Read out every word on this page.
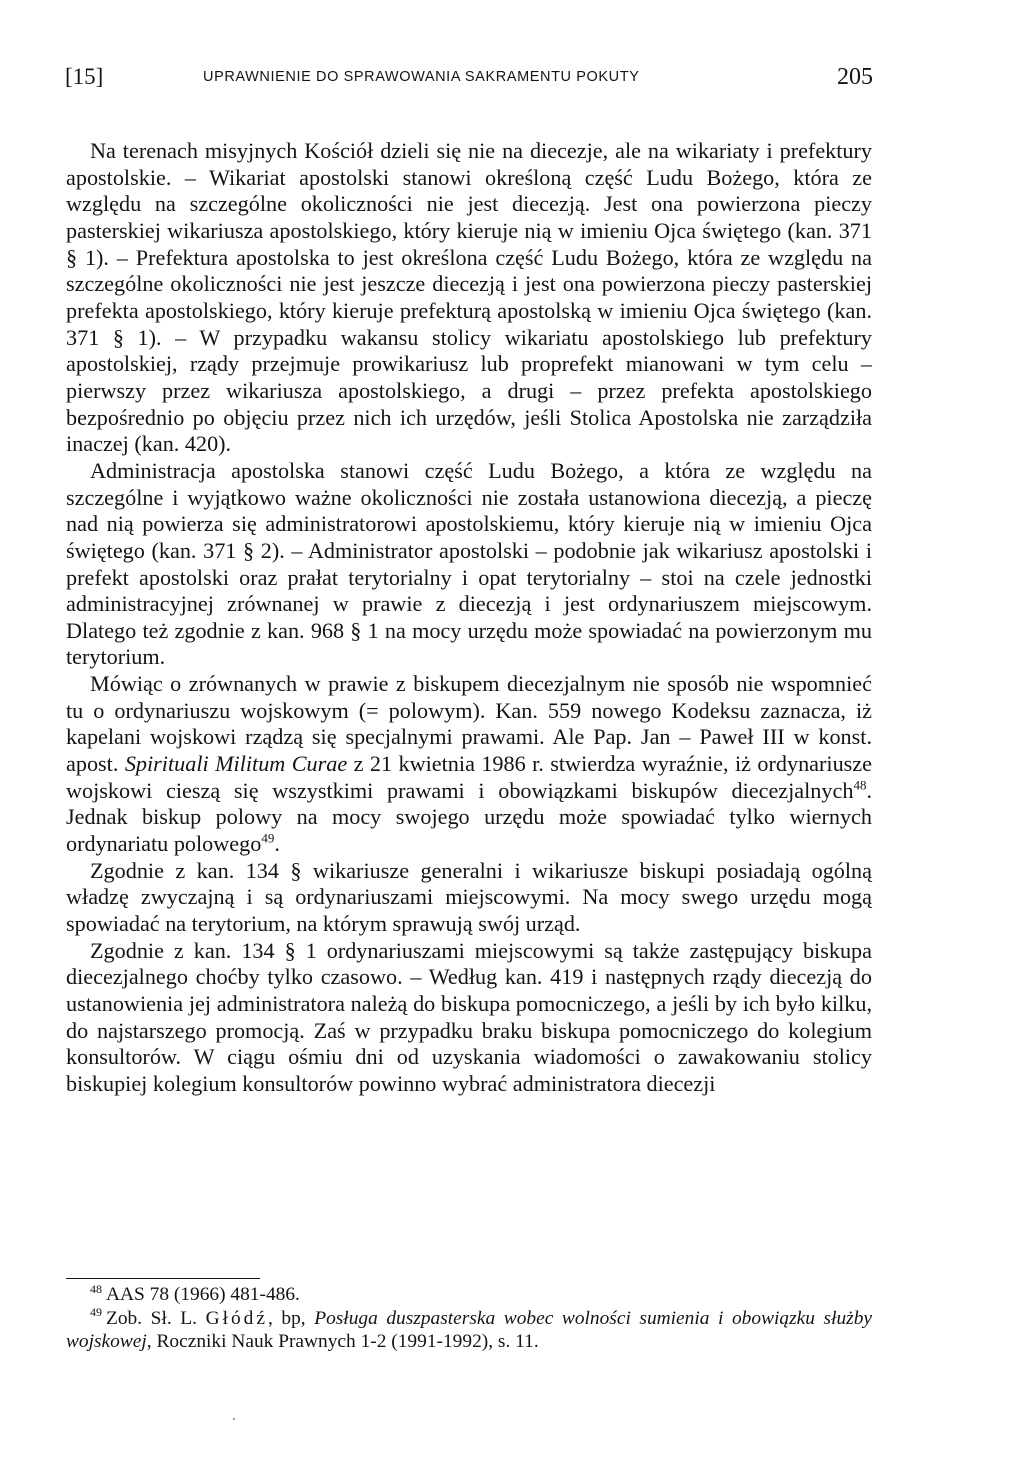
[15]	UPRAWNIENIE DO SPRAWOWANIA SAKRAMENTU POKUTY	205

Na terenach misyjnych Kościół dzieli się nie na diecezje, ale na wikariaty i prefektury apostolskie. – Wikariat apostolski stanowi określoną część Ludu Bożego, która ze względu na szczególne okoliczności nie jest diecezją. Jest ona powierzona pieczy pasterskiej wikariusza apostolskiego, który kieruje nią w imieniu Ojca świętego (kan. 371 § 1). – Prefektura apostolska to jest określona część Ludu Bożego, która ze względu na szczególne okoliczności nie jest jeszcze diecezją i jest ona powierzona pieczy pasterskiej prefekta apostolskiego, który kieruje prefekturą apostolską w imieniu Ojca świętego (kan. 371 § 1). – W przypadku wakansu stolicy wikariatu apostolskiego lub prefektury apostolskiej, rządy przejmuje prowikariusz lub proprefekt mianowani w tym celu – pierwszy przez wikariusza apostolskiego, a drugi – przez prefekta apostolskiego bezpośrednio po objęciu przez nich ich urzędów, jeśli Stolica Apostolska nie zarządziła inaczej (kan. 420).

Administracja apostolska stanowi część Ludu Bożego, a która ze względu na szczególne i wyjątkowo ważne okoliczności nie została ustanowiona diecezją, a pieczę nad nią powierza się administratorowi apostolskiemu, który kieruje nią w imieniu Ojca świętego (kan. 371 § 2). – Administrator apostolski – podobnie jak wikariusz apostolski i prefekt apostolski oraz prałat terytorialny i opat terytorialny – stoi na czele jednostki administracyjnej zrównanej w prawie z diecezją i jest ordynariuszem miejscowym. Dlatego też zgodnie z kan. 968 § 1 na mocy urzędu może spowiadać na powierzonym mu terytorium.

Mówiąc o zrównanych w prawie z biskupem diecezjalnym nie sposób nie wspomnieć tu o ordynariuszu wojskowym (= polowym). Kan. 559 nowego Kodeksu zaznacza, iż kapelani wojskowi rządzą się specjalnymi prawami. Ale Pap. Jan – Paweł III w konst. apost. Spirituali Militum Curae z 21 kwietnia 1986 r. stwierdza wyraźnie, iż ordynariusze wojskowi cieszą się wszystkimi prawami i obowiązkami biskupów diecezjalnych$^{48}$. Jednak biskup polowy na mocy swojego urzędu może spowiadać tylko wiernych ordynariatu polowego$^{49}$.

Zgodnie z kan. 134 § wikariusze generalni i wikariusze biskupi posiadają ogólną władzę zwyczajną i są ordynariuszami miejscowymi. Na mocy swego urzędu mogą spowiadać na terytorium, na którym sprawują swój urząd.

Zgodnie z kan. 134 § 1 ordynariuszami miejscowymi są także zastępujący biskupa diecezjalnego choćby tylko czasowo. – Według kan. 419 i następnych rządy diecezją do ustanowienia jej administratora należą do biskupa pomocniczego, a jeśli by ich było kilku, do najstarszego promocją. Zaś w przypadku braku biskupa pomocniczego do kolegium konsultorów. W ciągu ośmiu dni od uzyskania wiadomości o zawakowaniu stolicy biskupiej kolegium konsultorów powinno wybrać administratora diecezji

$^{48}$ AAS 78 (1966) 481-486.

$^{49}$ Zob. Sł. L. Głódź, bp, Posługa duszpasterska wobec wolności sumienia i obowiązku służby wojskowej, Roczniki Nauk Prawnych 1-2 (1991-1992), s. 11.
